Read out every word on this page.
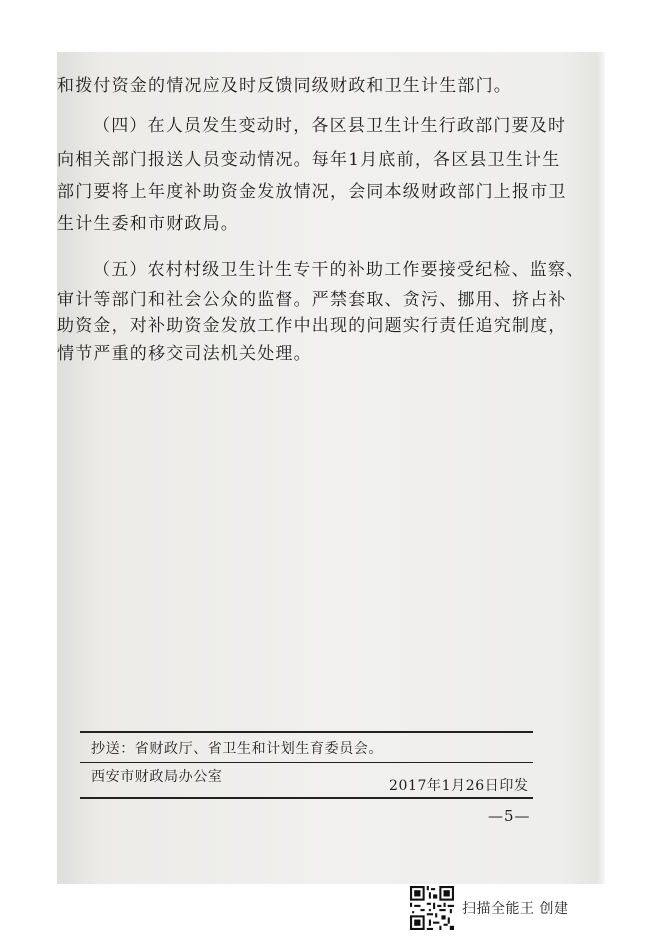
和拨付资金的情况应及时反馈同级财政和卫生计生部门。
（四）在人员发生变动时，各区县卫生计生行政部门要及时
向相关部门报送人员变动情况。每年1月底前，各区县卫生计生
部门要将上年度补助资金发放情况，会同本级财政部门上报市卫
生计生委和市财政局。
（五）农村村级卫生计生专干的补助工作要接受纪检、监察、
审计等部门和社会公众的监督。严禁套取、贪污、挪用、挤占补
助资金，对补助资金发放工作中出现的问题实行责任追究制度，
情节严重的移交司法机关处理。
抄送：省财政厅、省卫生和计划生育委员会。
西安市财政局办公室
2017年1月26日印发
—5—
扫描全能王 创建
